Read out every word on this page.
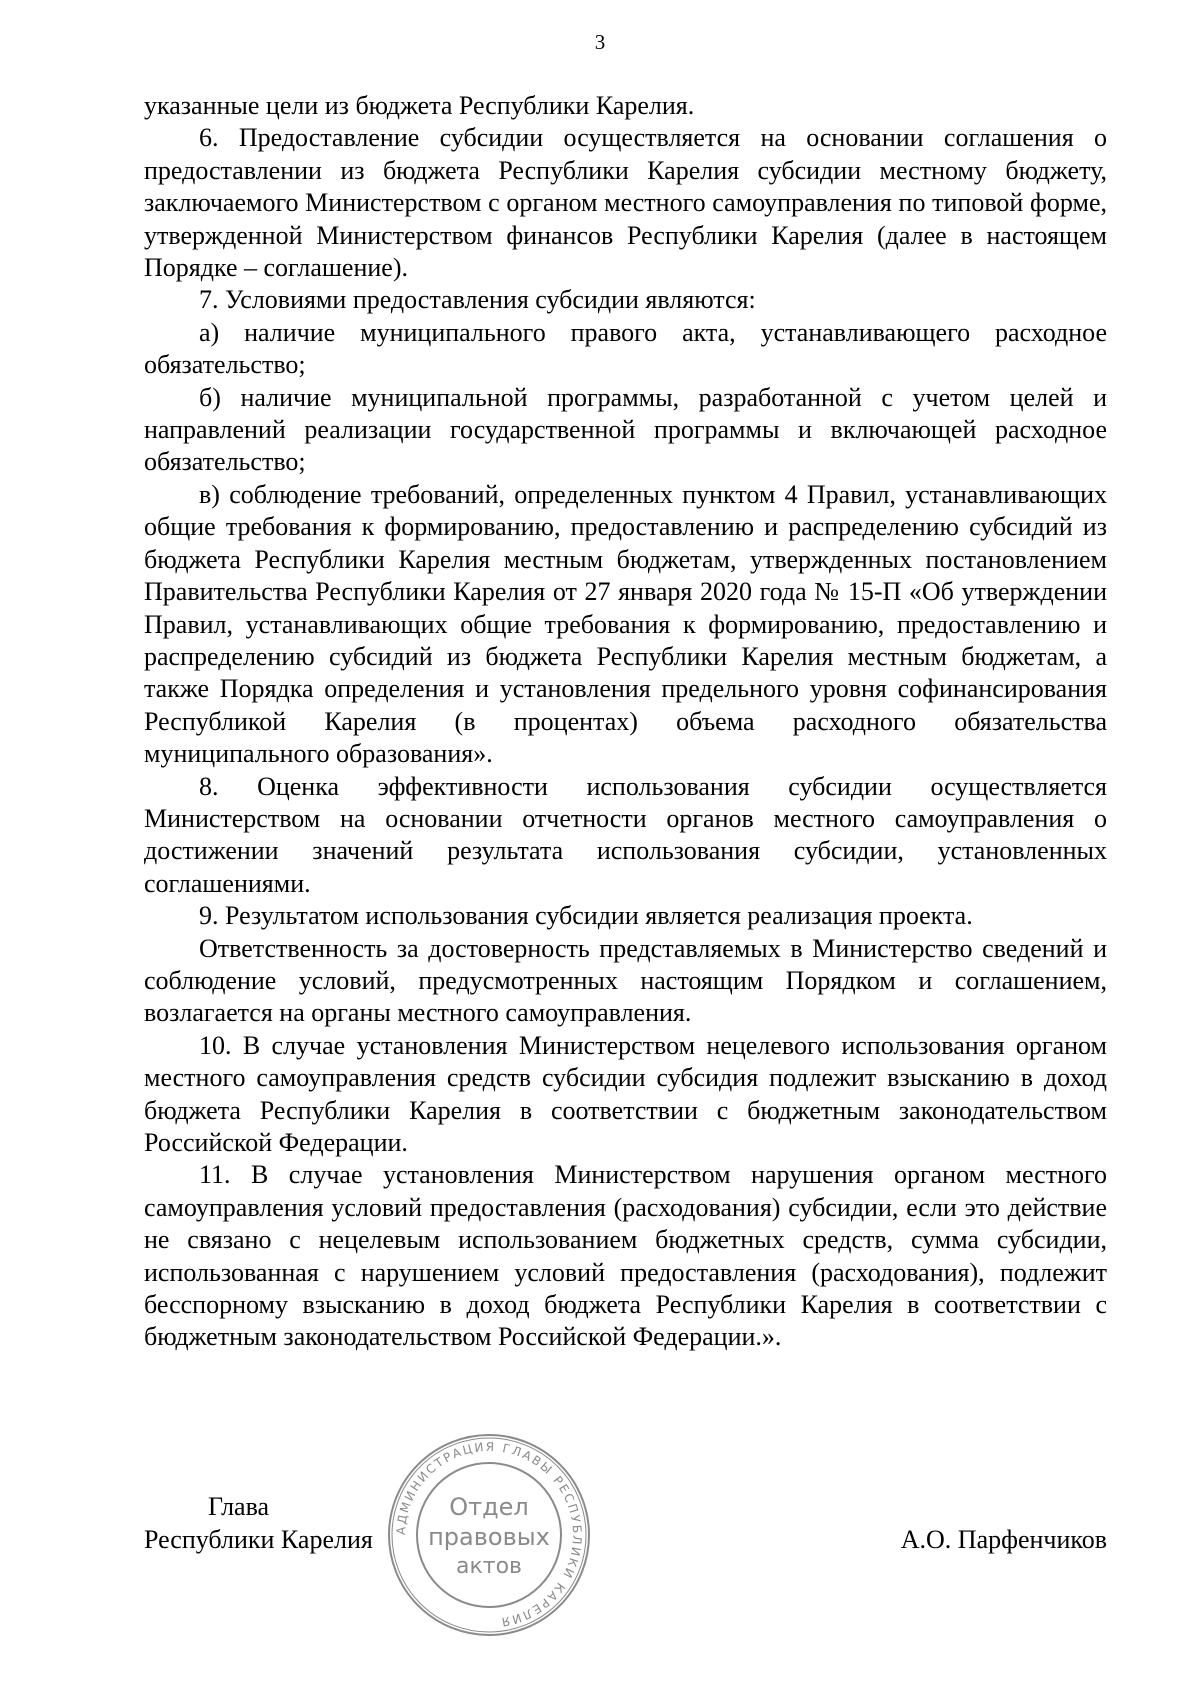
3

указанные цели из бюджета Республики Карелия.

6. Предоставление субсидии осуществляется на основании соглашения о предоставлении из бюджета Республики Карелия субсидии местному бюджету, заключаемого Министерством с органом местного самоуправления по типовой форме, утвержденной Министерством финансов Республики Карелия (далее в настоящем Порядке – соглашение).

7. Условиями предоставления субсидии являются:

а) наличие муниципального правого акта, устанавливающего расходное обязательство;

б) наличие муниципальной программы, разработанной с учетом целей и направлений реализации государственной программы и включающей расходное обязательство;

в) соблюдение требований, определенных пунктом 4 Правил, устанавливающих общие требования к формированию, предоставлению и распределению субсидий из бюджета Республики Карелия местным бюджетам, утвержденных постановлением Правительства Республики Карелия от 27 января 2020 года № 15-П «Об утверждении Правил, устанавливающих общие требования к формированию, предоставлению и распределению субсидий из бюджета Республики Карелия местным бюджетам, а также Порядка определения и установления предельного уровня софинансирования Республикой Карелия (в процентах) объема расходного обязательства муниципального образования».

8. Оценка эффективности использования субсидии осуществляется Министерством на основании отчетности органов местного самоуправления о достижении значений результата использования субсидии, установленных соглашениями.

9. Результатом использования субсидии является реализация проекта.

Ответственность за достоверность представляемых в Министерство сведений и соблюдение условий, предусмотренных настоящим Порядком и соглашением, возлагается на органы местного самоуправления.

10. В случае установления Министерством нецелевого использования органом местного самоуправления средств субсидии субсидия подлежит взысканию в доход бюджета Республики Карелия в соответствии с бюджетным законодательством Российской Федерации.

11. В случае установления Министерством нарушения органом местного самоуправления условий предоставления (расходования) субсидии, если это действие не связано с нецелевым использованием бюджетных средств, сумма субсидии, использованная с нарушением условий предоставления (расходования), подлежит бесспорному взысканию в доход бюджета Республики Карелия в соответствии с бюджетным законодательством Российской Федерации.».

АДМИНИСТРАЦИЯ ГЛАВЫ РЕСПУБЛИКИ КАРЕЛИЯ
Отдел
правовых
актов
Глава
Республики Карелия	А.О. Парфенчиков
